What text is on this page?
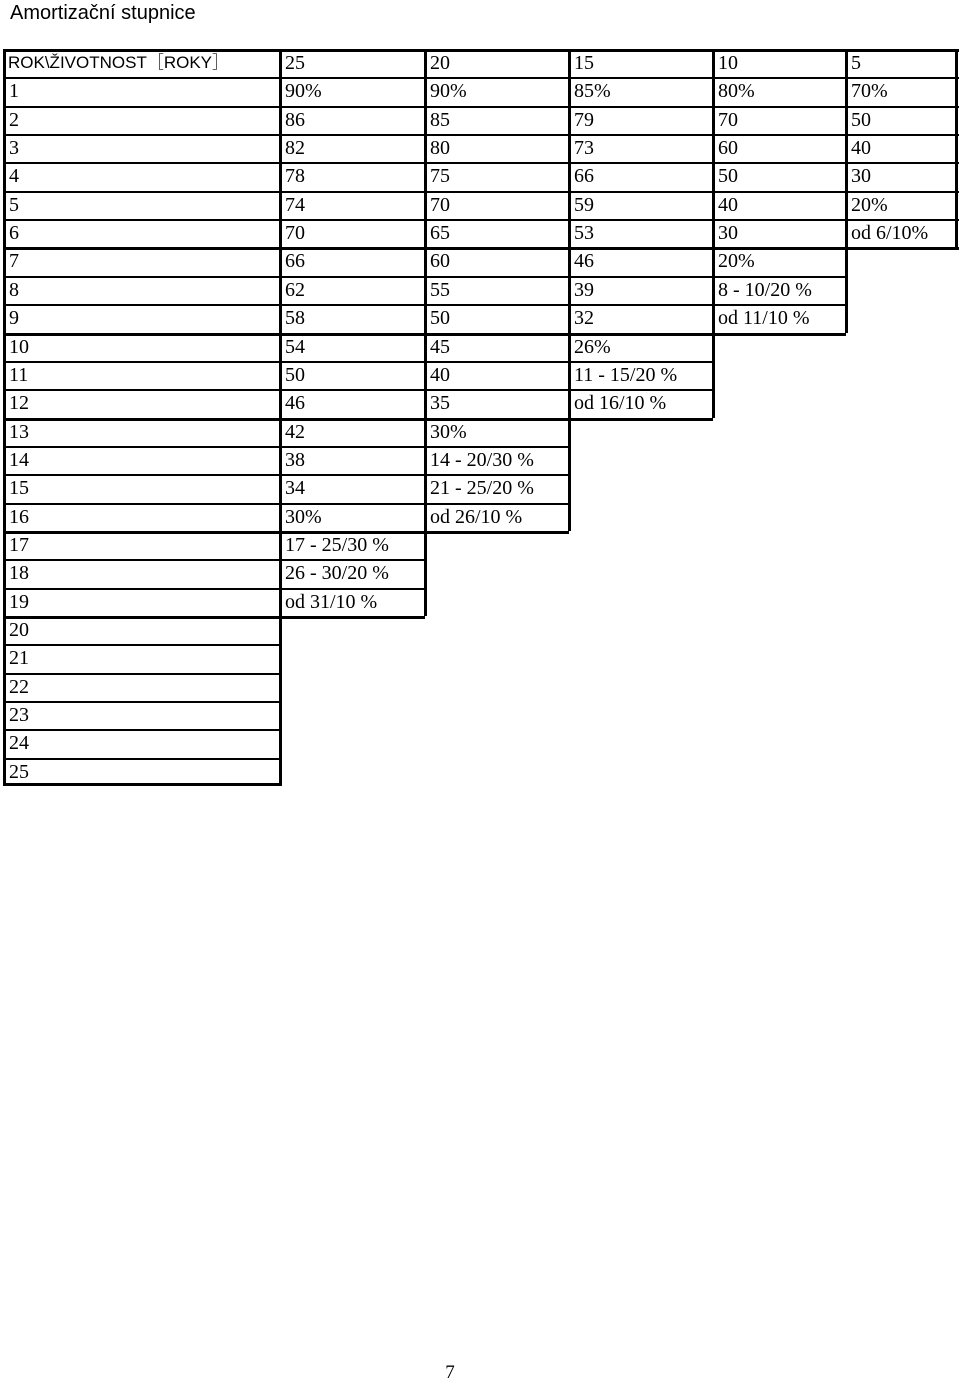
Amortizační stupnice
ROK\ŽIVOTNOST［ROKY］	25	20	15	10	5
1	90%	90%	85%	80%	70%
2	86	85	79	70	50
3	82	80	73	60	40
4	78	75	66	50	30
5	74	70	59	40	20%
6	70	65	53	30	od 6/10%
7	66	60	46	20%
8	62	55	39	8 - 10/20 %
9	58	50	32	od 11/10 %
10	54	45	26%
11	50	40	11 - 15/20 %
12	46	35	od 16/10 %
13	42	30%
14	38	14 - 20/30 %
15	34	21 - 25/20 %
16	30%	od 26/10 %
17	17 - 25/30 %
18	26 - 30/20 %
19	od 31/10 %
20
21
22
23
24
25
7
